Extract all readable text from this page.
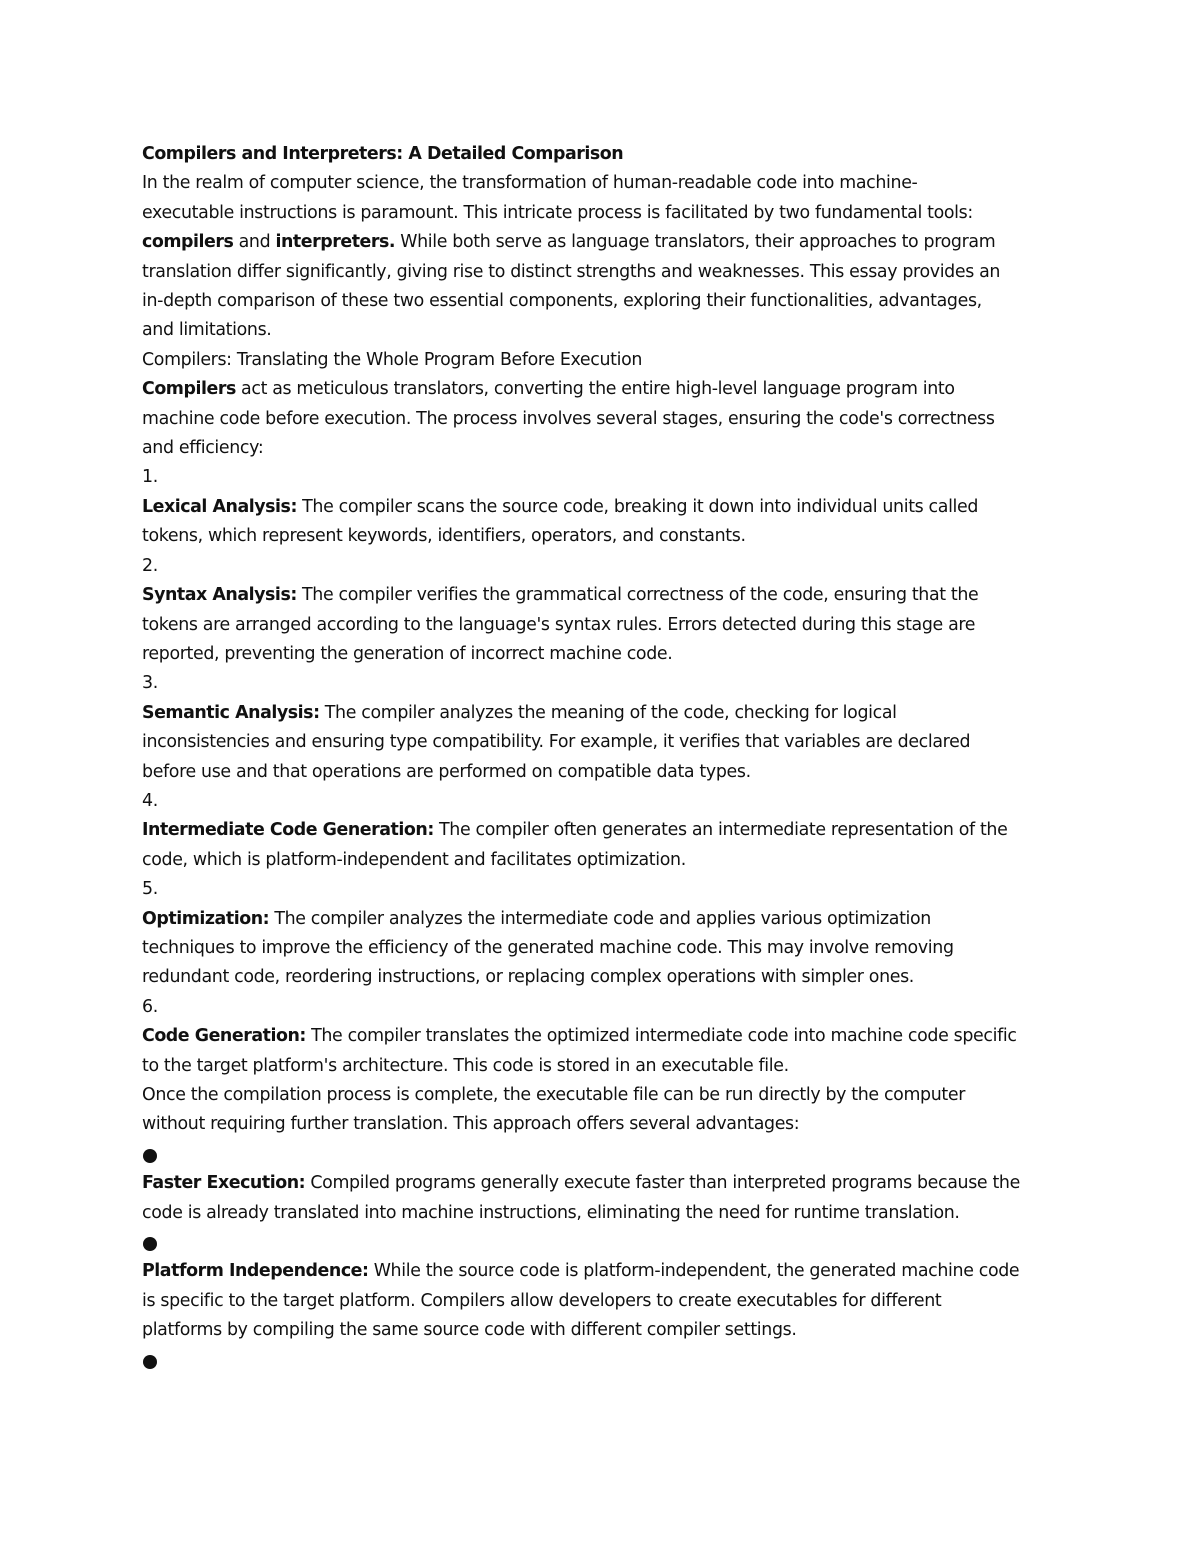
Compilers and Interpreters: A Detailed Comparison
In the realm of computer science, the transformation of human-readable code into machine-
executable instructions is paramount. This intricate process is facilitated by two fundamental tools:
compilers and interpreters. While both serve as language translators, their approaches to program
translation differ significantly, giving rise to distinct strengths and weaknesses. This essay provides an
in-depth comparison of these two essential components, exploring their functionalities, advantages,
and limitations.
Compilers: Translating the Whole Program Before Execution
Compilers act as meticulous translators, converting the entire high-level language program into
machine code before execution. The process involves several stages, ensuring the code's correctness
and efficiency:
1.
Lexical Analysis: The compiler scans the source code, breaking it down into individual units called
tokens, which represent keywords, identifiers, operators, and constants.
2.
Syntax Analysis: The compiler verifies the grammatical correctness of the code, ensuring that the
tokens are arranged according to the language's syntax rules. Errors detected during this stage are
reported, preventing the generation of incorrect machine code.
3.
Semantic Analysis: The compiler analyzes the meaning of the code, checking for logical
inconsistencies and ensuring type compatibility. For example, it verifies that variables are declared
before use and that operations are performed on compatible data types.
4.
Intermediate Code Generation: The compiler often generates an intermediate representation of the
code, which is platform-independent and facilitates optimization.
5.
Optimization: The compiler analyzes the intermediate code and applies various optimization
techniques to improve the efficiency of the generated machine code. This may involve removing
redundant code, reordering instructions, or replacing complex operations with simpler ones.
6.
Code Generation: The compiler translates the optimized intermediate code into machine code specific
to the target platform's architecture. This code is stored in an executable file.
Once the compilation process is complete, the executable file can be run directly by the computer
without requiring further translation. This approach offers several advantages:
Faster Execution: Compiled programs generally execute faster than interpreted programs because the
code is already translated into machine instructions, eliminating the need for runtime translation.
Platform Independence: While the source code is platform-independent, the generated machine code
is specific to the target platform. Compilers allow developers to create executables for different
platforms by compiling the same source code with different compiler settings.
